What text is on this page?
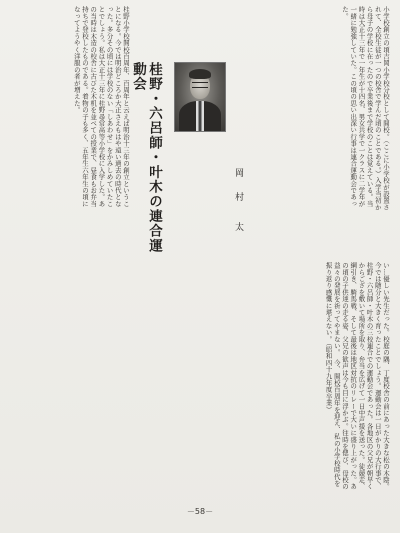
小学校創立の頃吉岡小学校分校として開校。（ここに小学校が設置されて、全校生徒が一つの校舎で学んだ頃のことである。）入学当初から母子の学校に在ったので卒業後まで学校のことは覚えている。当時は大正十三年で一年生が十四名、男女共学で一クラスに二学年が一緒に勉強していた。この頃の思い出深い行事は連合運動会であった。
桂野小学校開校百周年、百周年と云えば明治十三年の創立ということになる。今では明治どころか大正さえもはや遠い過去の時代となった。多分その頃には学校のない「しあわせ」をかみしめていたことでしょう。私は大正十三年に桂野尋常高等小学校に入学した。あの当時は木造の校舎に古びた木机を並べての授業で、昼食もお弁当持ちで登校したものである。着物の子も多く、五年生六年生の頃になってようやく洋服の者が増えた。
桂野・六呂師・叶木の連合運動会
岡 村
太
い…優しい先生だった。校庭の隅、丁度校舎の前にあった大きな松の木陰。今では随分と大きく育ったことでしょう。運動会は一日がかりの大行事で、桂野・六呂師・叶木の三校連合での運動会であった。各地区の父兄が朝早くからござを敷いて場所を取り、弁当を広げて一日中声援を送った。徒競走、綱引き、騎馬戦、そして最後は地区対抗のリレーで大いに盛り上がった。あの頃の子供達の走る姿、父兄の歓声は今も目に浮かぶ。往時を偲び、母校の益々の発展を祈ってやまない。　今、開校百周年を迎え、私の小学校時代を振り返り感慨に堪えない。（昭和四十九年度卒業）
－58－
